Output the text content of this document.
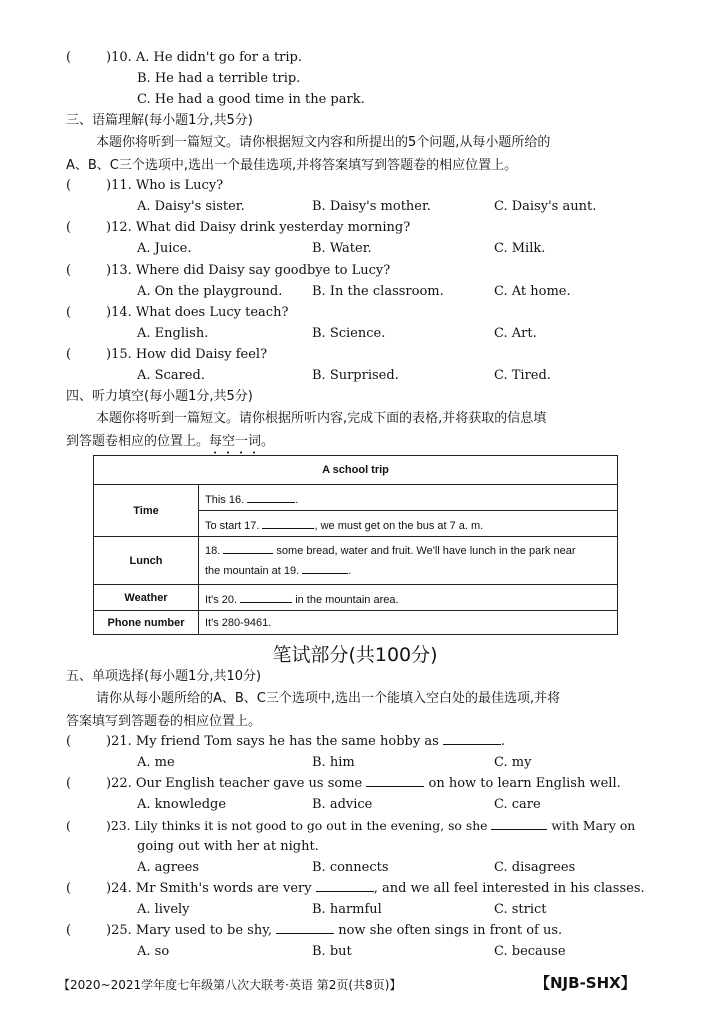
(	)10. A. He didn't go for a trip.
B. He had a terrible trip.
C. He had a good time in the park.
三、语篇理解(每小题1分,共5分)
本题你将听到一篇短文。请你根据短文内容和所提出的5个问题,从每小题所给的
A、B、C三个选项中,选出一个最佳选项,并将答案填写到答题卷的相应位置上。
(	)11. Who is Lucy?
A. Daisy's sister.	B. Daisy's mother.	C. Daisy's aunt.
(	)12. What did Daisy drink yesterday morning?
A. Juice.	B. Water.	C. Milk.
(	)13. Where did Daisy say goodbye to Lucy?
A. On the playground. B. In the classroom.	C. At home.
(	)14. What does Lucy teach?
A. English.	B. Science.	C. Art.
(	)15. How did Daisy feel?
A. Scared.	B. Surprised.	C. Tired.
四、听力填空(每小题1分,共5分)
本题你将听到一篇短文。请你根据所听内容,完成下面的表格,并将获取的信息填
到答题卷相应的位置上。每空一词。
A school trip	
Time	This 16. .
	To start 17. , we must get on the bus at 7 a. m.
Lunch	18. some bread, water and fruit. We'll have lunch in the park near
the mountain at 19. .
Weather	It's 20. in the mountain area.
Phone number	It's 280-9461.
笔试部分(共100分)
五、单项选择(每小题1分,共10分)
请你从每小题所给的A、B、C三个选项中,选出一个能填入空白处的最佳选项,并将
答案填写到答题卷的相应位置上。
(	)21. My friend Tom says he has the same hobby as	.
A. me	B. him	C. my
(	)22. Our English teacher gave us some	on how to learn English well.
A. knowledge	B. advice	C. care
(	)23. Lily thinks it is not good to go out in the evening, so she	with Mary on
going out with her at night.
A. agrees	B. connects	C. disagrees
(	)24. Mr Smith's words are very	, and we all feel interested in his classes.
A. lively	B. harmful	C. strict
(	)25. Mary used to be shy,	now she often sings in front of us.
A. so	B. but	C. because
【2020~2021学年度七年级第八次大联考·英语 第2页(共8页)】	【NJB-SHX】
